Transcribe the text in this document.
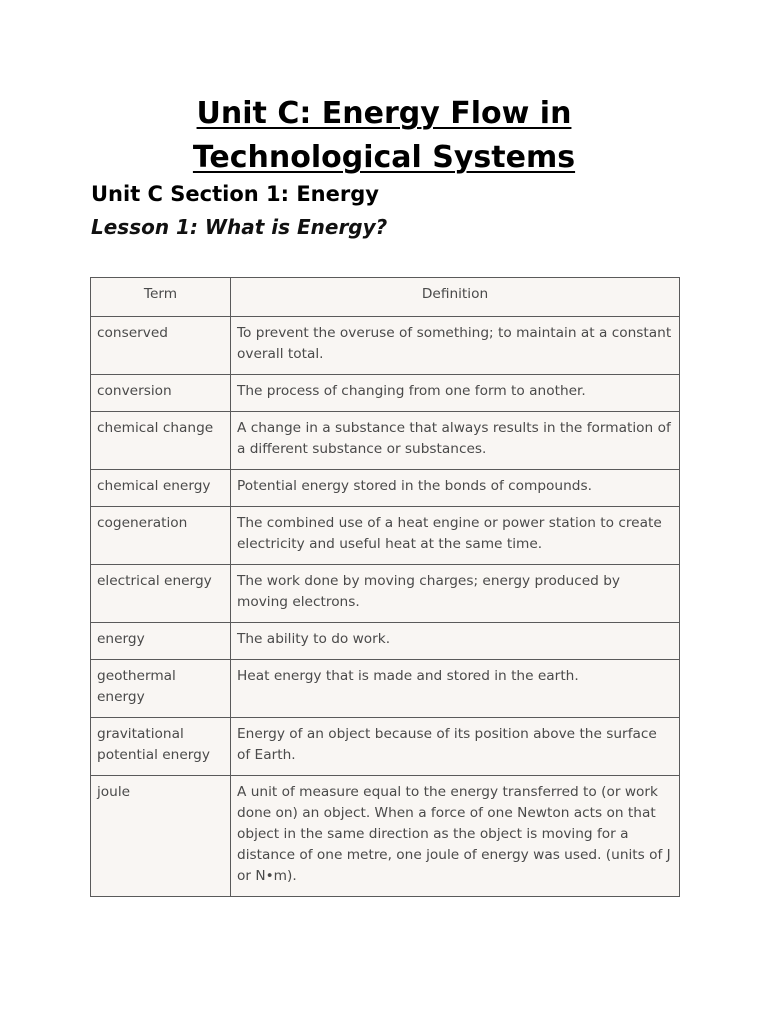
Unit C: Energy Flow in
Technological Systems
Unit C Section 1: Energy
Lesson 1: What is Energy?
Term	Definition
conserved	To prevent the overuse of something; to maintain at a constant overall total.
conversion	The process of changing from one form to another.
chemical change	A change in a substance that always results in the formation of a different substance or substances.
chemical energy	Potential energy stored in the bonds of compounds.
cogeneration	The combined use of a heat engine or power station to create electricity and useful heat at the same time.
electrical energy	The work done by moving charges; energy produced by moving electrons.
energy	The ability to do work.
geothermal energy	Heat energy that is made and stored in the earth.
gravitational potential energy	Energy of an object because of its position above the surface of Earth.
joule	A unit of measure equal to the energy transferred to (or work done on) an object. When a force of one Newton acts on that object in the same direction as the object is moving for a distance of one metre, one joule of energy was used. (units of J or N•m).
